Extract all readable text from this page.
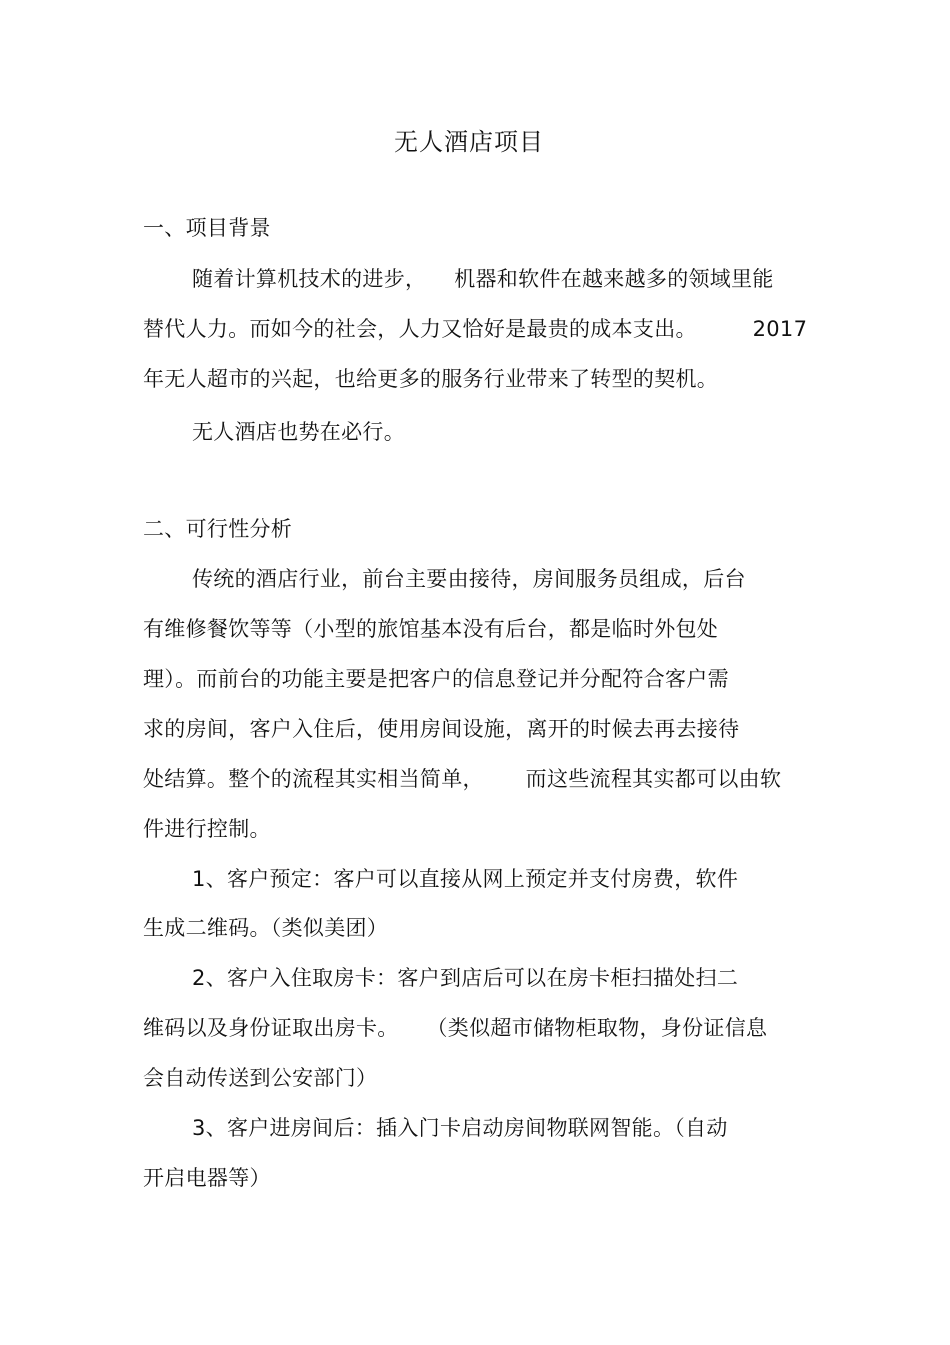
无人酒店项目
一、项目背景
随着计算机技术的进步，    机器和软件在越来越多的领域里能
替代人力。而如今的社会，人力又恰好是最贵的成本支出。        2017
年无人超市的兴起，也给更多的服务行业带来了转型的契机。
无人酒店也势在必行。
二、可行性分析
传统的酒店行业，前台主要由接待，房间服务员组成，后台
有维修餐饮等等（小型的旅馆基本没有后台，都是临时外包处
理）。而前台的功能主要是把客户的信息登记并分配符合客户需
求的房间，客户入住后，使用房间设施，离开的时候去再去接待
处结算。整个的流程其实相当简单，      而这些流程其实都可以由软
件进行控制。
1、客户预定：客户可以直接从网上预定并支付房费，软件
生成二维码。（类似美团）
2、客户入住取房卡：客户到店后可以在房卡柜扫描处扫二
维码以及身份证取出房卡。    （类似超市储物柜取物，身份证信息
会自动传送到公安部门）
3、客户进房间后：插入门卡启动房间物联网智能。（自动
开启电器等）
